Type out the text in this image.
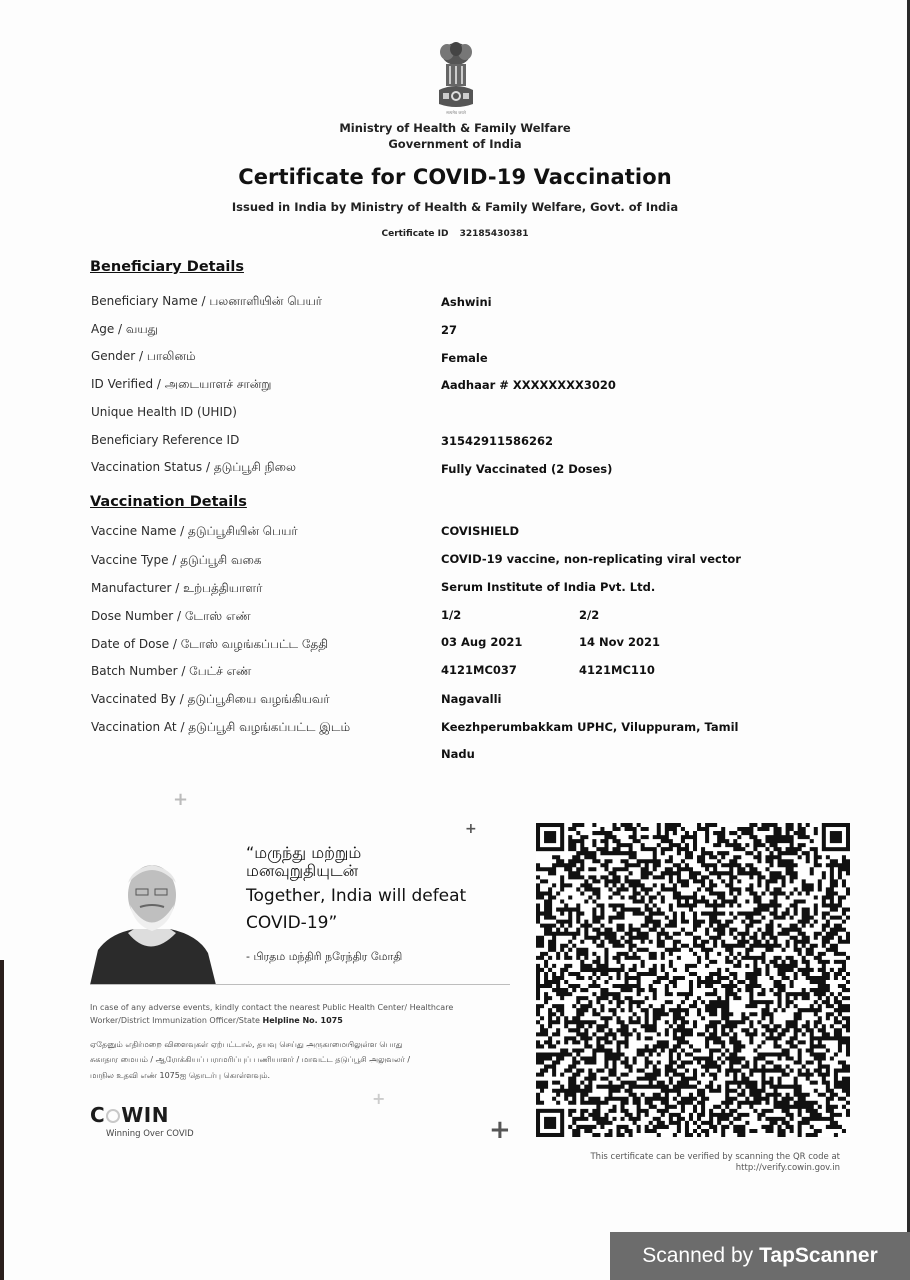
सत्यमेव जयते
Ministry of Health & Family Welfare
Government of India
Certificate for COVID-19 Vaccination
Issued in India by Ministry of Health & Family Welfare, Govt. of India
Certificate ID 32185430381
Beneficiary Details
Beneficiary Name / பலனாளியின் பெயர்	Ashwini
Age / வயது	27
Gender / பாலினம்	Female
ID Verified / அடையாளச் சான்று	Aadhaar # XXXXXXXX3020
Unique Health ID (UHID)
Beneficiary Reference ID	31542911586262
Vaccination Status / தடுப்பூசி நிலை	Fully Vaccinated (2 Doses)
Vaccination Details
Vaccine Name / தடுப்பூசியின் பெயர்	COVISHIELD
Vaccine Type / தடுப்பூசி வகை	COVID-19 vaccine, non-replicating viral vector
Manufacturer / உற்பத்தியாளர்	Serum Institute of India Pvt. Ltd.
Dose Number / டோஸ் எண்	1/2	2/2
Date of Dose / டோஸ் வழங்கப்பட்ட தேதி	03 Aug 2021	14 Nov 2021
Batch Number / பேட்ச் எண்	4121MC037	4121MC110
Vaccinated By / தடுப்பூசியை வழங்கியவர்	Nagavalli
Vaccination At / தடுப்பூசி வழங்கப்பட்ட இடம்	Keezhperumbakkam UPHC, Viluppuram, Tamil
Nadu
+
+
+
+
“மருந்து மற்றும்
மனவுறுதியுடன்
Together, India will defeat
COVID-19”
- பிரதம மந்திரி நரேந்திர மோதி
In case of any adverse events, kindly contact the nearest Public Health Center/ Healthcare Worker/District Immunization Officer/State Helpline No. 1075
ஏதேனும் எதிர்மறை விளைவுகள் ஏற்பட்டால், தயவு செய்து அருகாமையிலுள்ள பொது
சுகாதார மையம் / ஆரோக்கியப் பராமரிப்புப் பணியாளர் / மாவட்ட தடுப்பூசி அலுவலர் /
மாநில உதவி எண் 1075ஐ தொடர்பு கொள்ளவும்.
C WIN
Winning Over COVID
This certificate can be verified by scanning the QR code at
http://verify.cowin.gov.in
Scanned by TapScanner
